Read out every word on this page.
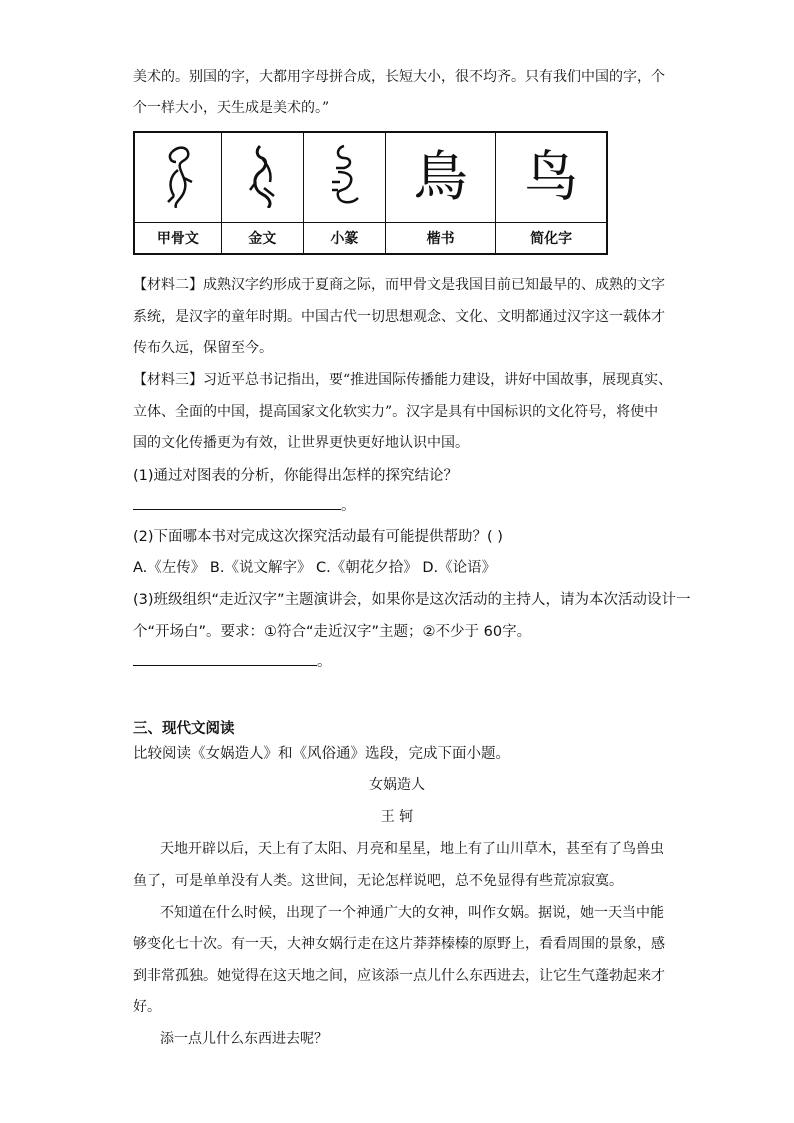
美术的。别国的字，大都用字母拼合成，长短大小，很不均齐。只有我们中国的字，个
个一样大小，天生成是美术的。”
			鳥	鸟
甲骨文	金文	小篆	楷书	简化字
【材料二】成熟汉字约形成于夏商之际，而甲骨文是我国目前已知最早的、成熟的文字
系统，是汉字的童年时期。中国古代一切思想观念、文化、文明都通过汉字这一载体才
传布久远，保留至今。
【材料三】习近平总书记指出，要“推进国际传播能力建设，讲好中国故事，展现真实、
立体、全面的中国，提高国家文化软实力”。汉字是具有中国标识的文化符号，将使中
国的文化传播更为有效，让世界更快更好地认识中国。
(1)通过对图表的分析，你能得出怎样的探究结论？
。
(2)下面哪本书对完成这次探究活动最有可能提供帮助？( )
A.《左传》 B.《说文解字》 C.《朝花夕拾》 D.《论语》
(3)班级组织“走近汉字”主题演讲会，如果你是这次活动的主持人，请为本次活动设计一
个“开场白”。要求：①符合“走近汉字”主题；②不少于 60字。
。
三、现代文阅读
比较阅读《女娲造人》和《风俗通》选段，完成下面小题。
女娲造人
王 轲
天地开辟以后，天上有了太阳、月亮和星星，地上有了山川草木，甚至有了鸟兽虫
鱼了，可是单单没有人类。这世间，无论怎样说吧，总不免显得有些荒凉寂寞。
不知道在什么时候，出现了一个神通广大的女神，叫作女娲。据说，她一天当中能
够变化七十次。有一天，大神女娲行走在这片莽莽榛榛的原野上，看看周围的景象，感
到非常孤独。她觉得在这天地之间，应该添一点儿什么东西进去，让它生气蓬勃起来才
好。
添一点儿什么东西进去呢？
